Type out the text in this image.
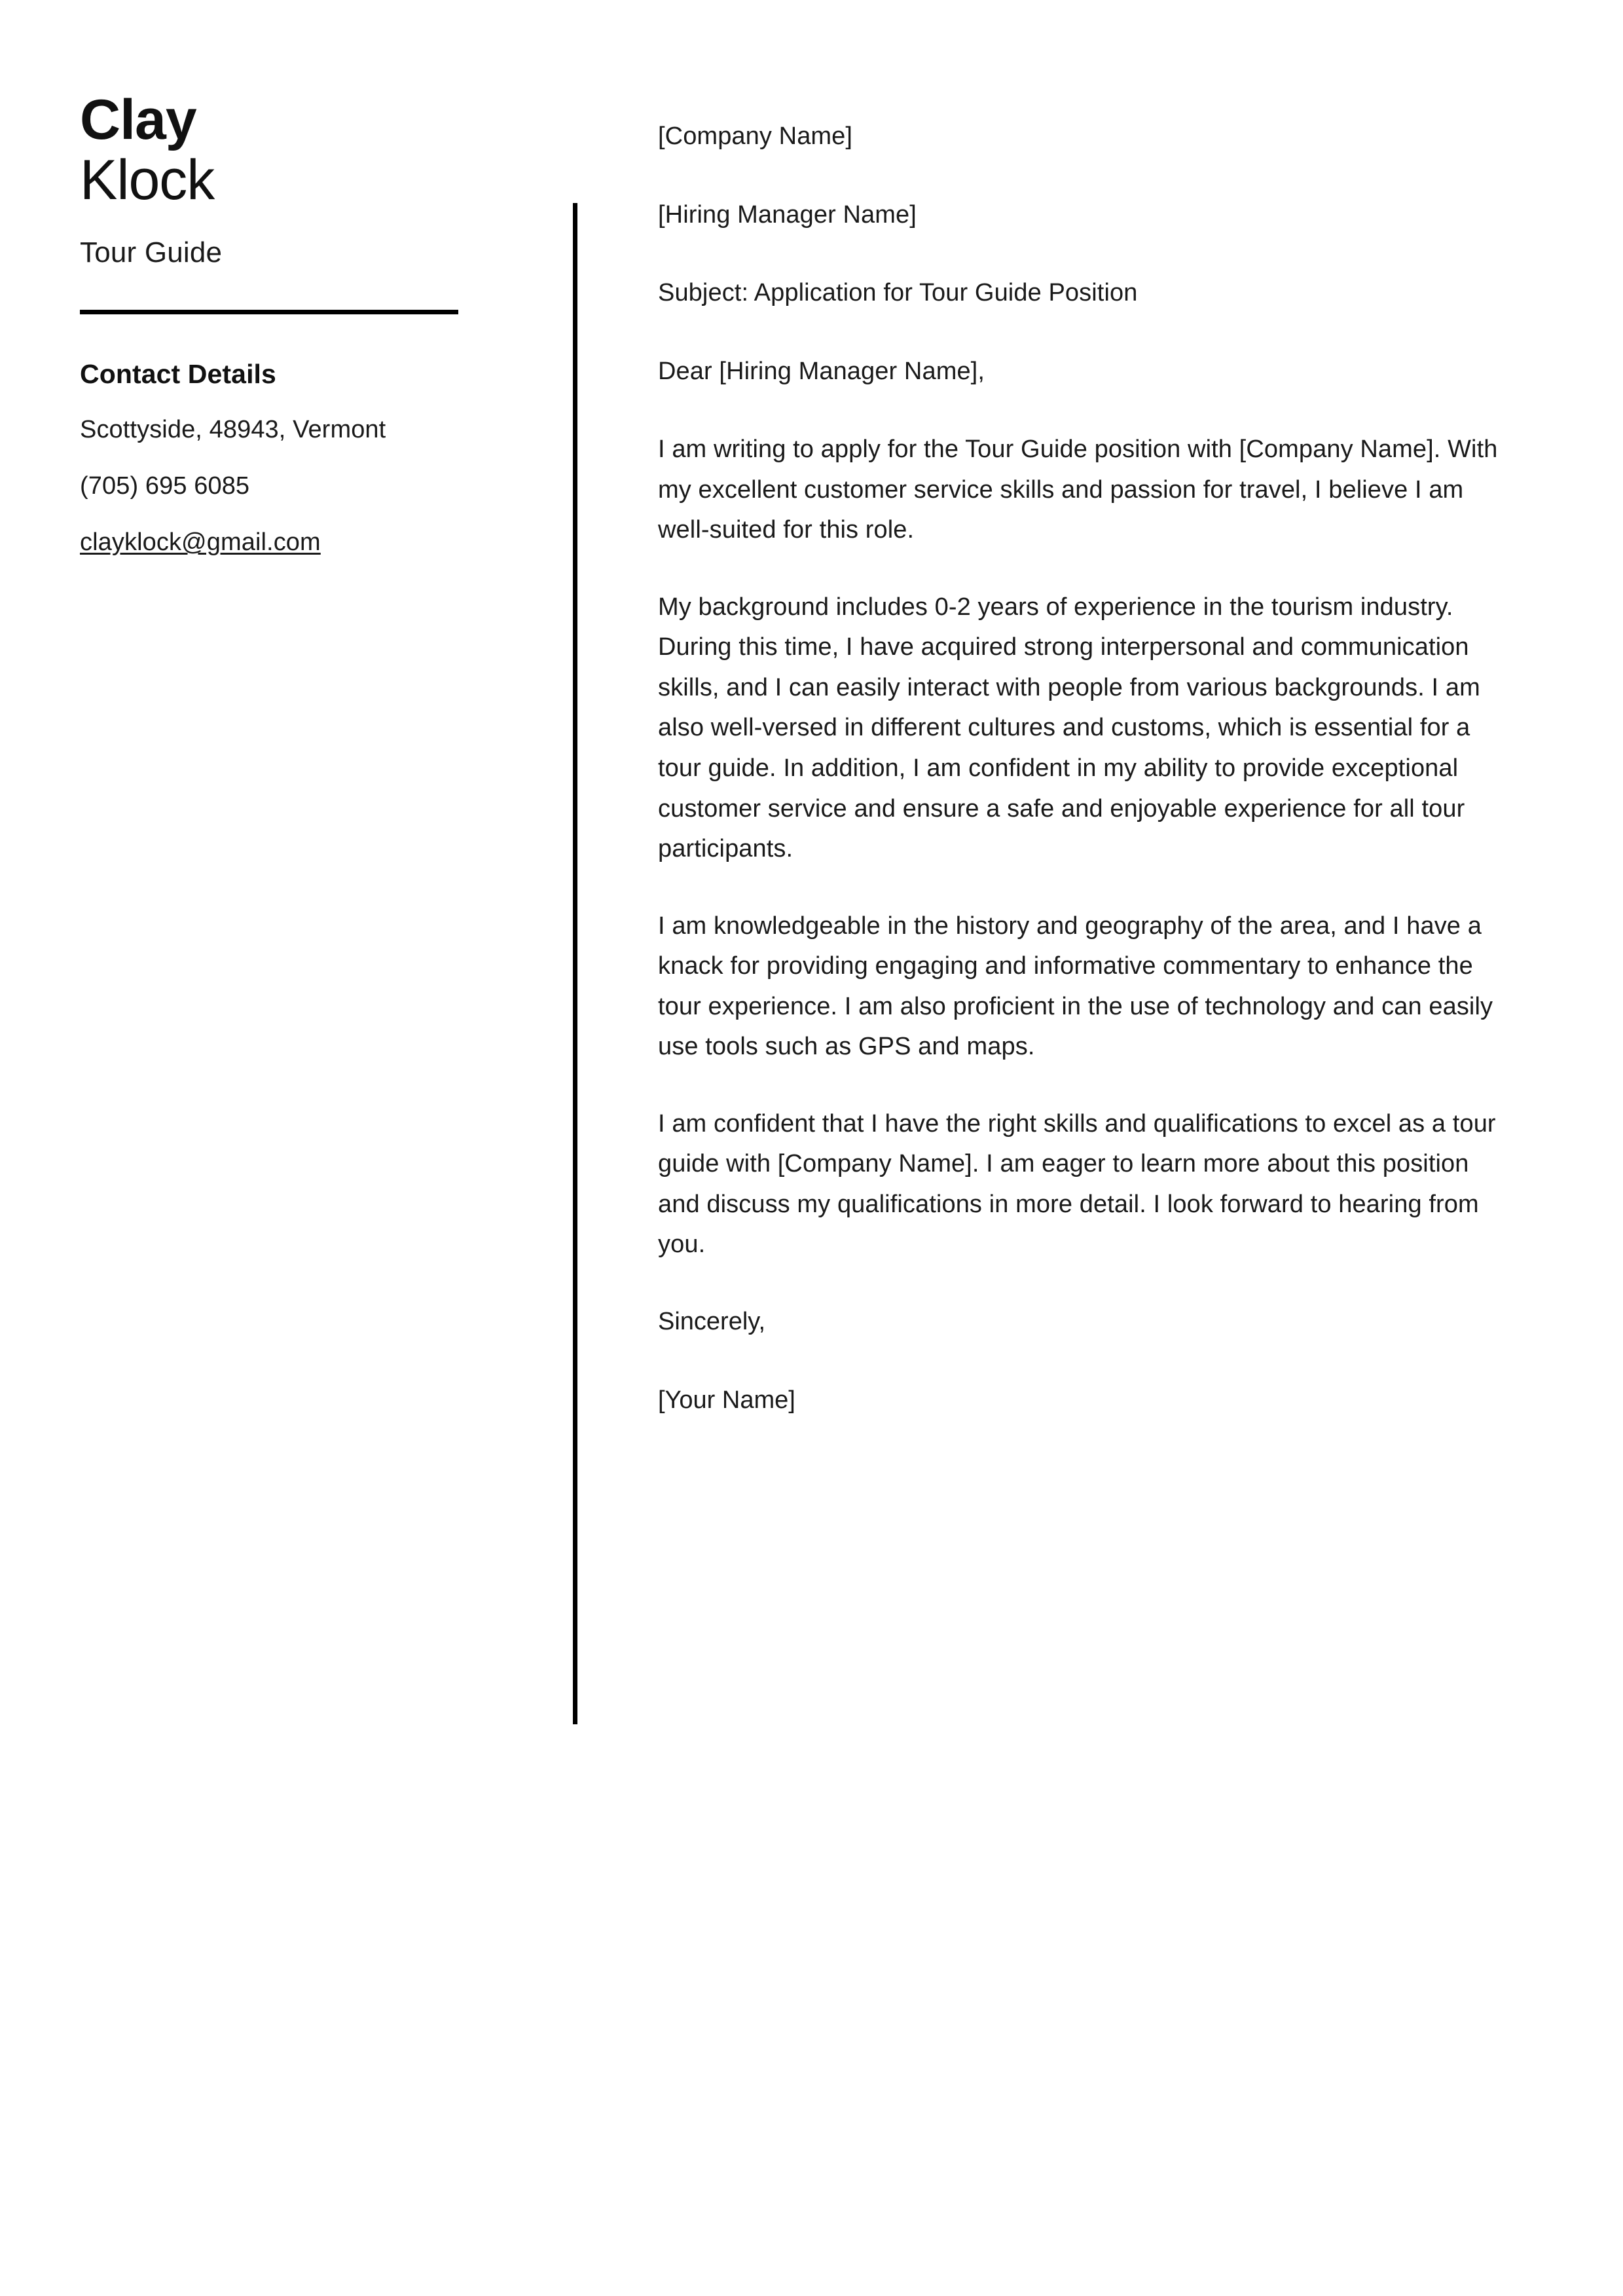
Clay
Klock
Tour Guide
Contact Details
Scottyside, 48943, Vermont
(705) 695 6085
clayklock@gmail.com

[Company Name]

[Hiring Manager Name]

Subject: Application for Tour Guide Position

Dear [Hiring Manager Name],

I am writing to apply for the Tour Guide position with [Company Name]. With my excellent customer service skills and passion for travel, I believe I am well-suited for this role.

My background includes 0-2 years of experience in the tourism industry. During this time, I have acquired strong interpersonal and communication skills, and I can easily interact with people from various backgrounds. I am also well-versed in different cultures and customs, which is essential for a tour guide. In addition, I am confident in my ability to provide exceptional customer service and ensure a safe and enjoyable experience for all tour participants.

I am knowledgeable in the history and geography of the area, and I have a knack for providing engaging and informative commentary to enhance the tour experience. I am also proficient in the use of technology and can easily use tools such as GPS and maps.

I am confident that I have the right skills and qualifications to excel as a tour guide with [Company Name]. I am eager to learn more about this position and discuss my qualifications in more detail. I look forward to hearing from you.

Sincerely,

[Your Name]
